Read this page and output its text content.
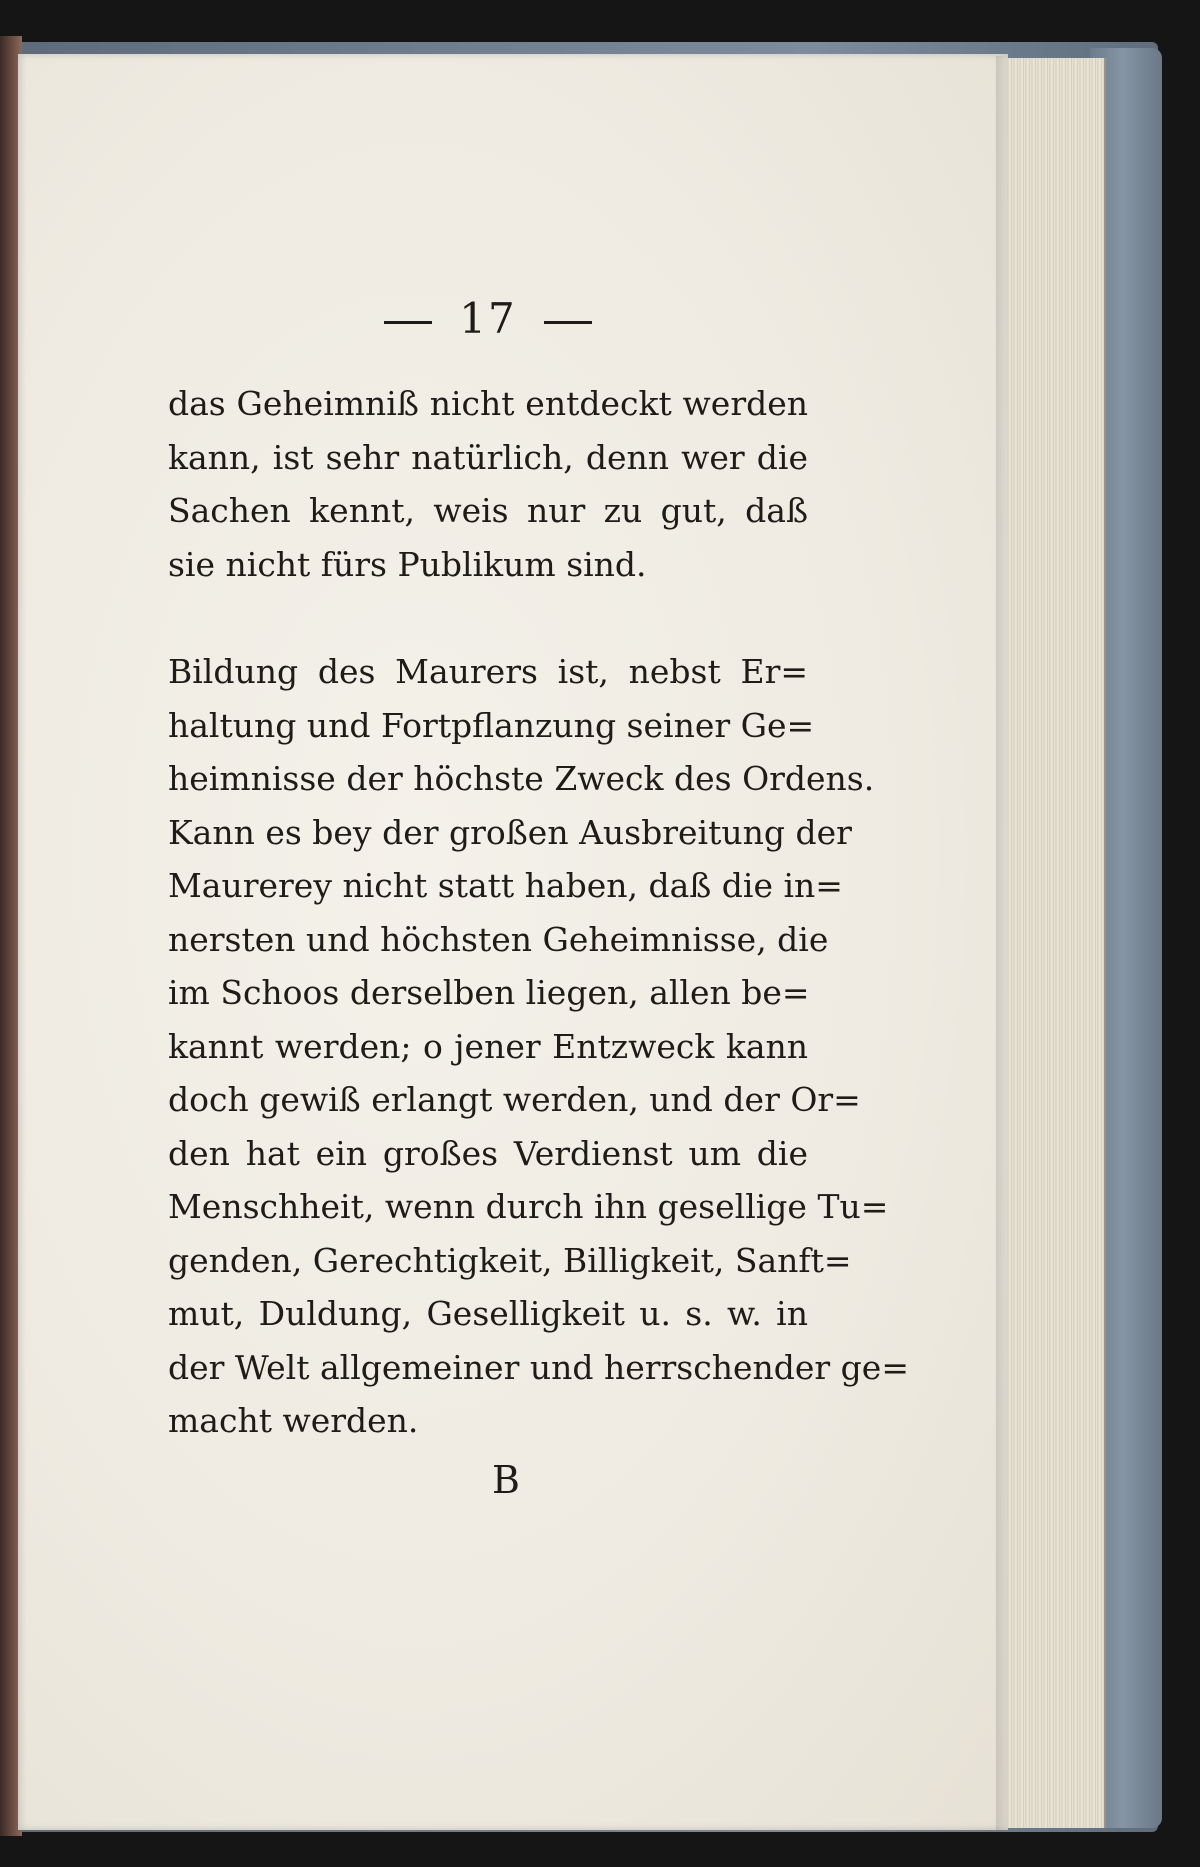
17

das Geheimniß nicht entdeckt werden
kann, ist sehr natürlich, denn wer die
Sachen kennt, weis nur zu gut, daß
sie nicht fürs Publikum sind.

Bildung des Maurers ist, nebst Er=
haltung und Fortpflanzung seiner Ge=
heimnisse der höchste Zweck des Ordens.
Kann es bey der großen Ausbreitung der
Maurerey nicht statt haben, daß die in=
nersten und höchsten Geheimnisse, die
im Schoos derselben liegen, allen be=
kannt werden; o jener Entzweck kann
doch gewiß erlangt werden, und der Or=
den hat ein großes Verdienst um die
Menschheit, wenn durch ihn gesellige Tu=
genden, Gerechtigkeit, Billigkeit, Sanft=
mut, Duldung, Geselligkeit u. s. w. in
der Welt allgemeiner und herrschender ge=
macht werden.

B
